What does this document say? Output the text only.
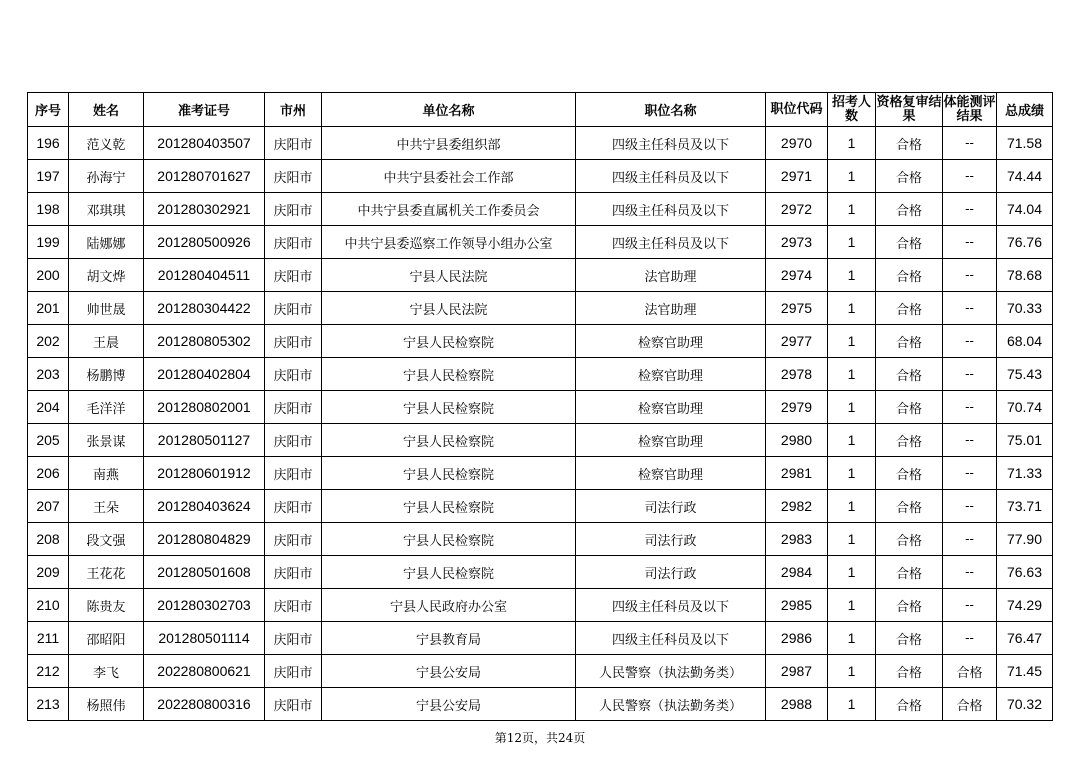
序号	姓名	准考证号	市州	单位名称	职位名称	职位代码	招考人数	资格复审结果	体能测评结果	总成绩
196	范义乾	201280403507	庆阳市	中共宁县委组织部	四级主任科员及以下	2970	1	合格	--	71.58
197	孙海宁	201280701627	庆阳市	中共宁县委社会工作部	四级主任科员及以下	2971	1	合格	--	74.44
198	邓琪琪	201280302921	庆阳市	中共宁县委直属机关工作委员会	四级主任科员及以下	2972	1	合格	--	74.04
199	陆娜娜	201280500926	庆阳市	中共宁县委巡察工作领导小组办公室	四级主任科员及以下	2973	1	合格	--	76.76
200	胡文烨	201280404511	庆阳市	宁县人民法院	法官助理	2974	1	合格	--	78.68
201	帅世晟	201280304422	庆阳市	宁县人民法院	法官助理	2975	1	合格	--	70.33
202	王晨	201280805302	庆阳市	宁县人民检察院	检察官助理	2977	1	合格	--	68.04
203	杨鹏博	201280402804	庆阳市	宁县人民检察院	检察官助理	2978	1	合格	--	75.43
204	毛洋洋	201280802001	庆阳市	宁县人民检察院	检察官助理	2979	1	合格	--	70.74
205	张景谋	201280501127	庆阳市	宁县人民检察院	检察官助理	2980	1	合格	--	75.01
206	南燕	201280601912	庆阳市	宁县人民检察院	检察官助理	2981	1	合格	--	71.33
207	王朵	201280403624	庆阳市	宁县人民检察院	司法行政	2982	1	合格	--	73.71
208	段文强	201280804829	庆阳市	宁县人民检察院	司法行政	2983	1	合格	--	77.90
209	王花花	201280501608	庆阳市	宁县人民检察院	司法行政	2984	1	合格	--	76.63
210	陈贵友	201280302703	庆阳市	宁县人民政府办公室	四级主任科员及以下	2985	1	合格	--	74.29
211	邵昭阳	201280501114	庆阳市	宁县教育局	四级主任科员及以下	2986	1	合格	--	76.47
212	李飞	202280800621	庆阳市	宁县公安局	人民警察（执法勤务类）	2987	1	合格	合格	71.45
213	杨照伟	202280800316	庆阳市	宁县公安局	人民警察（执法勤务类）	2988	1	合格	合格	70.32
第12页，共24页
